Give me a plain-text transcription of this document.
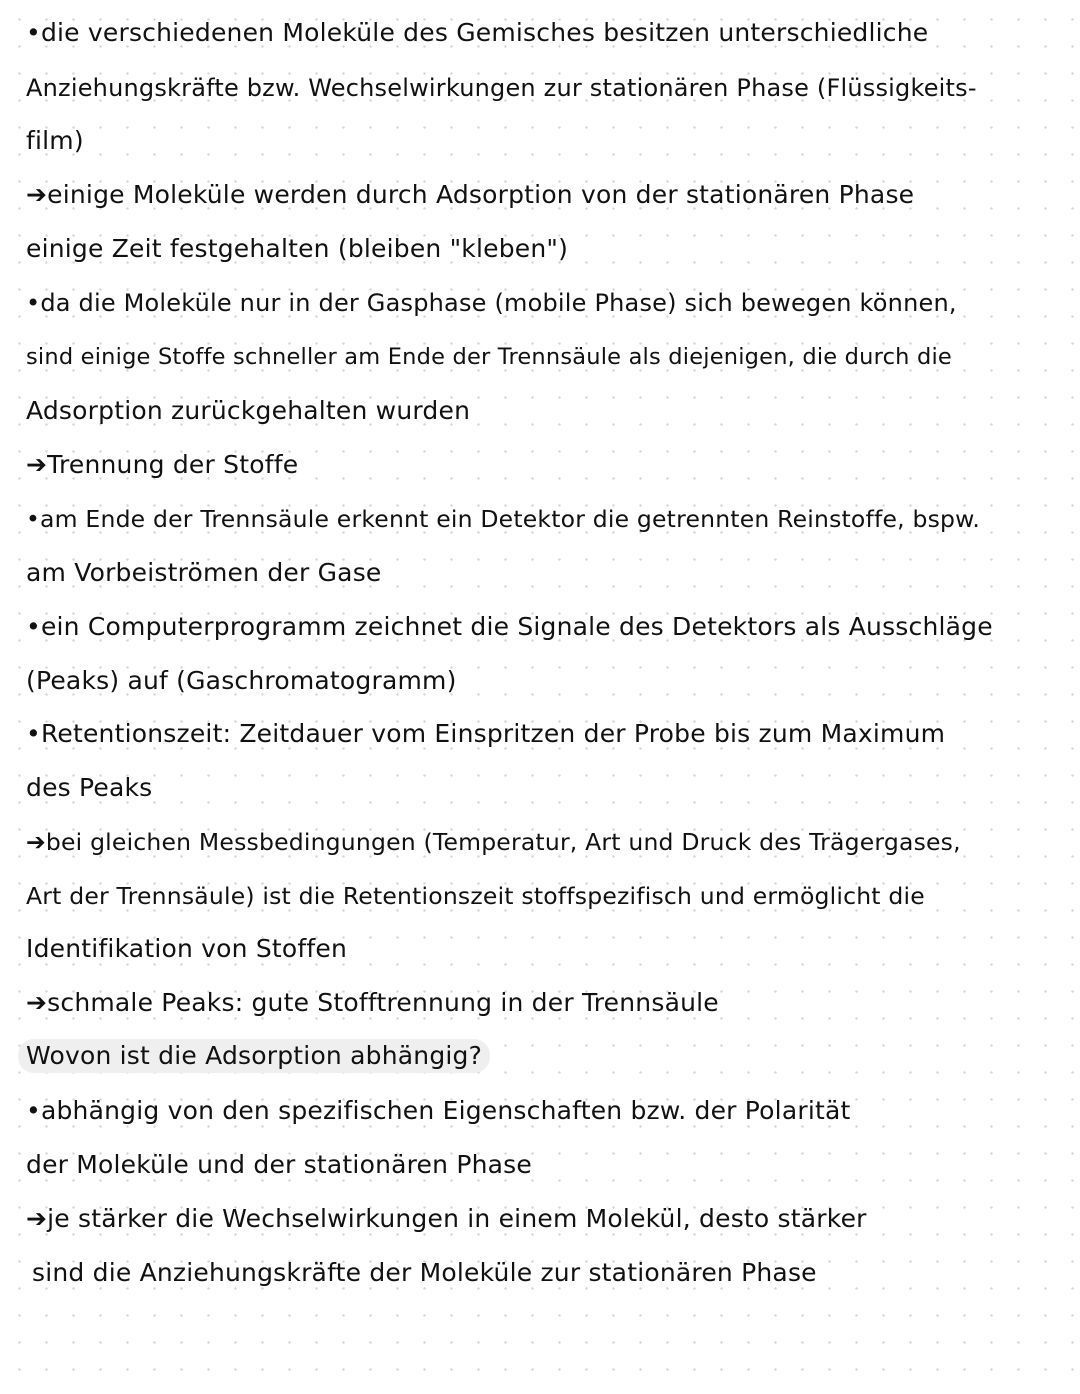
•die verschiedenen Moleküle des Gemisches besitzen unterschiedliche
Anziehungskräfte bzw. Wechselwirkungen zur stationären Phase (Flüssigkeits-
film)
➔einige Moleküle werden durch Adsorption von der stationären Phase
einige Zeit festgehalten (bleiben "kleben")
•da die Moleküle nur in der Gasphase (mobile Phase) sich bewegen können,
sind einige Stoffe schneller am Ende der Trennsäule als diejenigen, die durch die
Adsorption zurückgehalten wurden
➔Trennung der Stoffe
•am Ende der Trennsäule erkennt ein Detektor die getrennten Reinstoffe, bspw.
am Vorbeiströmen der Gase
•ein Computerprogramm zeichnet die Signale des Detektors als Ausschläge
(Peaks) auf (Gaschromatogramm)
•Retentionszeit: Zeitdauer vom Einspritzen der Probe bis zum Maximum
des Peaks
➔bei gleichen Messbedingungen (Temperatur, Art und Druck des Trägergases,
Art der Trennsäule) ist die Retentionszeit stoffspezifisch und ermöglicht die
Identifikation von Stoffen
➔schmale Peaks: gute Stofftrennung in der Trennsäule
Wovon ist die Adsorption abhängig?
•abhängig von den spezifischen Eigenschaften bzw. der Polarität
der Moleküle und der stationären Phase
➔je stärker die Wechselwirkungen in einem Molekül, desto stärker
sind die Anziehungskräfte der Moleküle zur stationären Phase
